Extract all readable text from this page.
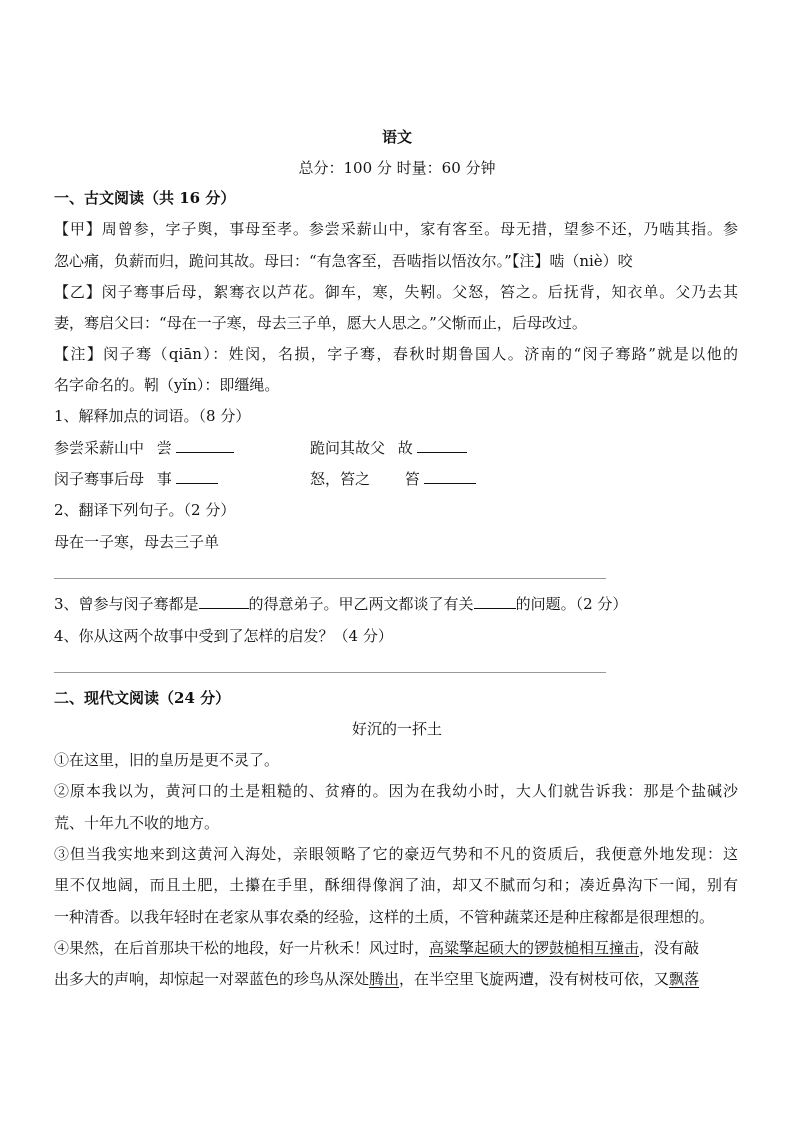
语文
总分：100 分 时量：60 分钟
一、古文阅读（共 16 分）
【甲】周曾参，字子舆，事母至孝。参尝采薪山中，家有客至。母无措，望参不还，乃啮其指。参
忽心痛，负薪而归，跪问其故。母曰：“有急客至，吾啮指以悟汝尔。”【注】啮（niè）咬
【乙】闵子骞事后母，絮骞衣以芦花。御车，寒，失靷。父怒，笞之。后抚背，知衣单。父乃去其
妻，骞启父曰：“母在一子寒，母去三子单，愿大人思之。”父惭而止，后母改过。
【注】闵子骞（qiān）：姓闵，名损，字子骞，春秋时期鲁国人。济南的“闵子骞路”就是以他的
名字命名的。靷（yǐn）：即缰绳。
1、解释加点的词语。（8 分）
参尝采薪山中 尝	跪问其故父 故
闵子骞事后母 事	怒，笞之 笞
2、翻译下列句子。（2 分）
母在一子寒，母去三子单
3、曾参与闵子骞都是	的得意弟子。甲乙两文都谈了有关	的问题。（2 分）
4、你从这两个故事中受到了怎样的启发？（4 分）
二、现代文阅读（24 分）
好沉的一抔土
①在这里，旧的皇历是更不灵了。
②原本我以为，黄河口的土是粗糙的、贫瘠的。因为在我幼小时，大人们就告诉我：那是个盐碱沙
荒、十年九不收的地方。
③但当我实地来到这黄河入海处，亲眼领略了它的豪迈气势和不凡的资质后，我便意外地发现：这
里不仅地阔，而且土肥，土攥在手里，酥细得像润了油，却又不腻而匀和；凑近鼻沟下一闻，别有
一种清香。以我年轻时在老家从事农桑的经验，这样的土质，不管种蔬菜还是种庄稼都是很理想的。
④果然，在后首那块干松的地段，好一片秋禾！风过时，高粱擎起硕大的锣鼓槌相互撞击，没有敲
出多大的声响，却惊起一对翠蓝色的珍鸟从深处腾出，在半空里飞旋两遭，没有树枝可依，又飘落
